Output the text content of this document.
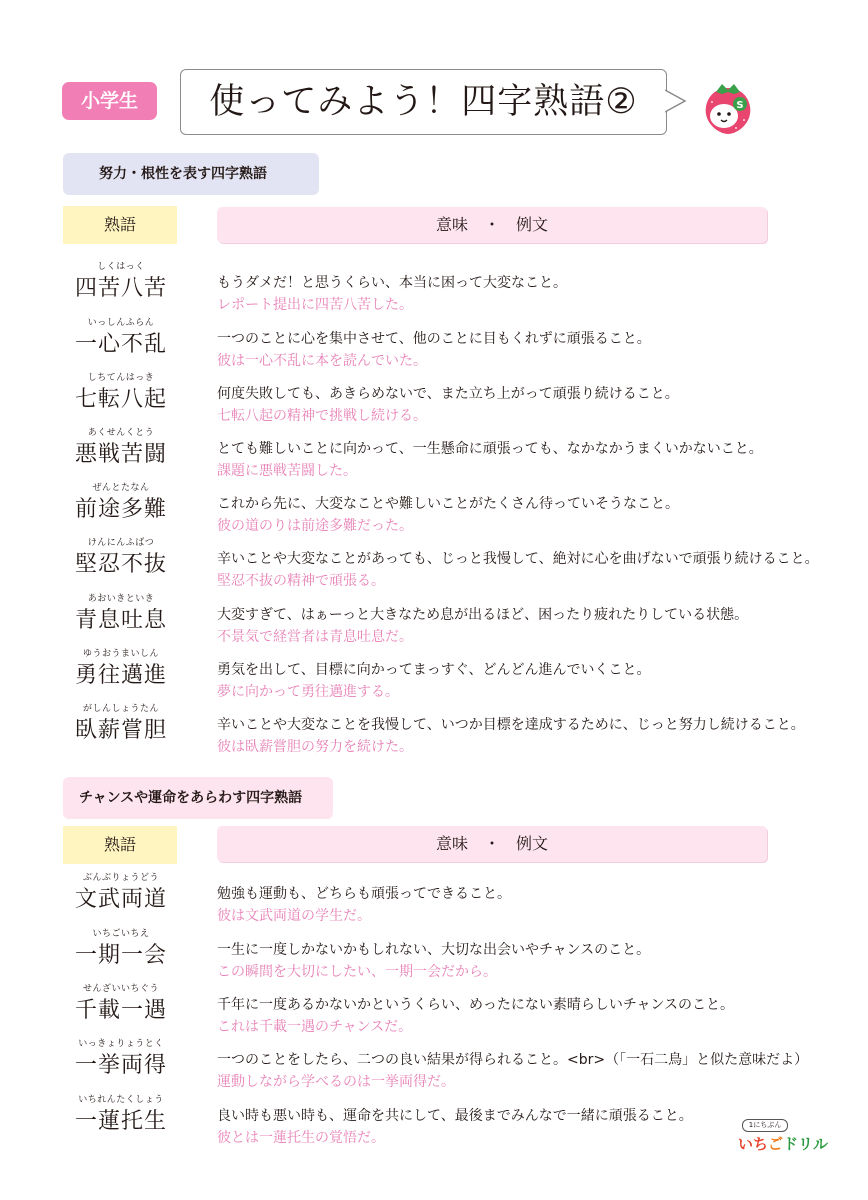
小学生	使ってみよう！四字熟語②	S
努力・根性を表す四字熟語
熟語	意味　・　例文
しくはっく
四苦八苦	もうダメだ！と思うくらい、本当に困って大変なこと。
レポート提出に四苦八苦した。
いっしんふらん
一心不乱	一つのことに心を集中させて、他のことに目もくれずに頑張ること。
彼は一心不乱に本を読んでいた。
しちてんはっき
七転八起	何度失敗しても、あきらめないで、また立ち上がって頑張り続けること。
七転八起の精神で挑戦し続ける。
あくせんくとう
悪戦苦闘	とても難しいことに向かって、一生懸命に頑張っても、なかなかうまくいかないこと。
課題に悪戦苦闘した。
ぜんとたなん
前途多難	これから先に、大変なことや難しいことがたくさん待っていそうなこと。
彼の道のりは前途多難だった。
けんにんふばつ
堅忍不抜	辛いことや大変なことがあっても、じっと我慢して、絶対に心を曲げないで頑張り続けること。
堅忍不抜の精神で頑張る。
あおいきといき
青息吐息	大変すぎて、はぁーっと大きなため息が出るほど、困ったり疲れたりしている状態。
不景気で経営者は青息吐息だ。
ゆうおうまいしん
勇往邁進	勇気を出して、目標に向かってまっすぐ、どんどん進んでいくこと。
夢に向かって勇往邁進する。
がしんしょうたん
臥薪嘗胆	辛いことや大変なことを我慢して、いつか目標を達成するために、じっと努力し続けること。
彼は臥薪嘗胆の努力を続けた。
チャンスや運命をあらわす四字熟語
熟語	意味　・　例文
ぶんぶりょうどう
文武両道	勉強も運動も、どちらも頑張ってできること。
彼は文武両道の学生だ。
いちごいちえ
一期一会	一生に一度しかないかもしれない、大切な出会いやチャンスのこと。
この瞬間を大切にしたい、一期一会だから。
せんざいいちぐう
千載一遇	千年に一度あるかないかというくらい、めったにない素晴らしいチャンスのこと。
これは千載一遇のチャンスだ。
いっきょりょうとく
一挙両得	一つのことをしたら、二つの良い結果が得られること。<br>（「一石二鳥」と似た意味だよ）
運動しながら学べるのは一挙両得だ。
いちれんたくしょう
一蓮托生	良い時も悪い時も、運命を共にして、最後までみんなで一緒に頑張ること。
彼とは一蓮托生の覚悟だ。
1にちぶん
いちごドリル
